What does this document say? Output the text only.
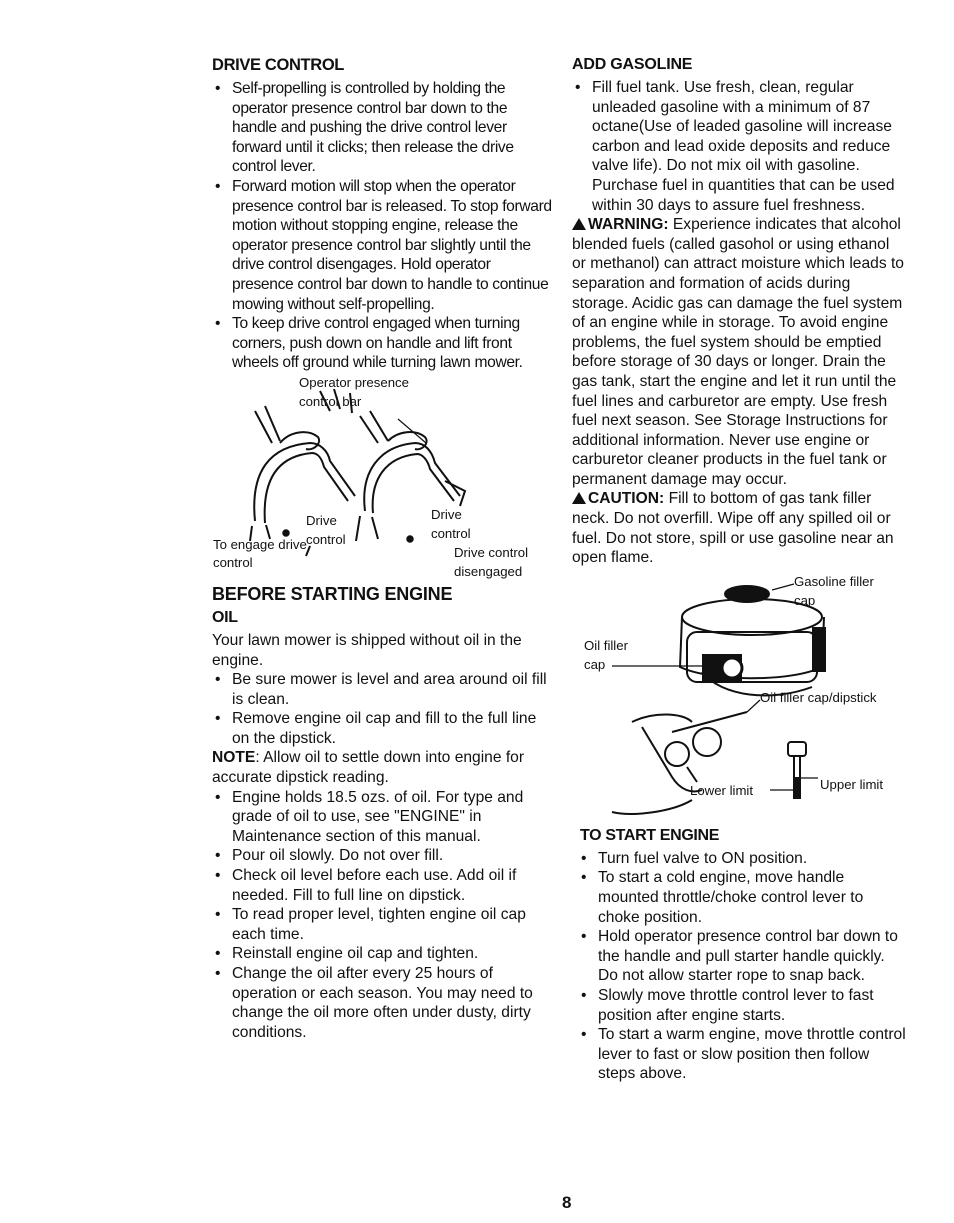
DRIVE CONTROL
• Self-propelling is controlled by holding the operator presence control bar down to the handle and pushing the drive control lever forward until it clicks; then release the drive control lever.
• Forward motion will stop when the operator presence control bar is released. To stop forward motion without stopping engine, release the operator presence control bar slightly until the drive control disengages. Hold operator presence control bar down to handle to continue mowing without self-propelling.
• To keep drive control engaged when turning corners, push down on handle and lift front wheels off ground while turning lawn mower.
Operator presence control bar
Drive control
Drive control
To engage drive control
Drive control disengaged
BEFORE STARTING ENGINE
OIL

Your lawn mower is shipped without oil in the engine.

• Be sure mower is level and area around oil fill is clean.
• Remove engine oil cap and fill to the full line on the dipstick.

NOTE: Allow oil to settle down into engine for accurate dipstick reading.

• Engine holds 18.5 ozs. of oil. For type and grade of oil to use, see "ENGINE" in Maintenance section of this manual.
• Pour oil slowly. Do not over fill.
• Check oil level before each use. Add oil if needed. Fill to full line on dipstick.
• To read proper level, tighten engine oil cap each time.
• Reinstall engine oil cap and tighten.
• Change the oil after every 25 hours of operation or each season. You may need to change the oil more often under dusty, dirty conditions.
ADD GASOLINE
• Fill fuel tank. Use fresh, clean, regular unleaded gasoline with a minimum of 87 octane(Use of leaded gasoline will increase carbon and lead oxide deposits and reduce valve life). Do not mix oil with gasoline. Purchase fuel in quantities that can be used within 30 days to assure fuel freshness.

WARNING: Experience indicates that alcohol blended fuels (called gasohol or using ethanol or methanol) can attract moisture which leads to separation and formation of acids during storage. Acidic gas can damage the fuel system of an engine while in storage. To avoid engine problems, the fuel system should be emptied before storage of 30 days or longer. Drain the gas tank, start the engine and let it run until the fuel lines and carburetor are empty. Use fresh fuel next season. See Storage Instructions for additional information. Never use engine or carburetor cleaner products in the fuel tank or permanent damage may occur.

CAUTION: Fill to bottom of gas tank filler neck. Do not overfill. Wipe off any spilled oil or fuel. Do not store, spill or use gasoline near an open flame.

Gasoline filler cap
Oil filler cap
Oil filler cap/dipstick
Lower limit	Upper limit
TO START ENGINE
• Turn fuel valve to ON position.
• To start a cold engine, move handle mounted throttle/choke control lever to choke position.
• Hold operator presence control bar down to the handle and pull starter handle quickly. Do not allow starter rope to snap back.
• Slowly move throttle control lever to fast position after engine starts.
• To start a warm engine, move throttle control lever to fast or slow position then follow steps above.
8
